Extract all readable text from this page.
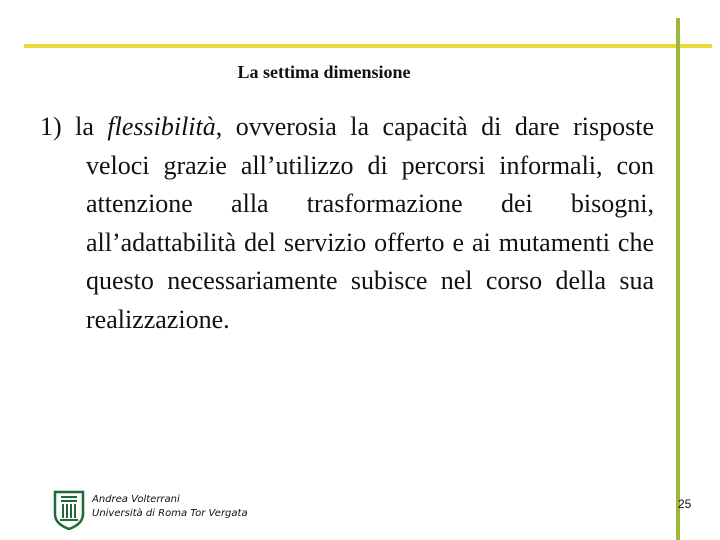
La settima dimensione

1) la flessibilità, ovverosia la capacità di dare risposte veloci grazie all’utilizzo di percorsi informali, con attenzione alla trasformazione dei bisogni, all’adattabilità del servizio offerto e ai mutamenti che questo necessariamente subisce nel corso della sua realizzazione.

Andrea Volterrani
Università di Roma Tor Vergata
25
